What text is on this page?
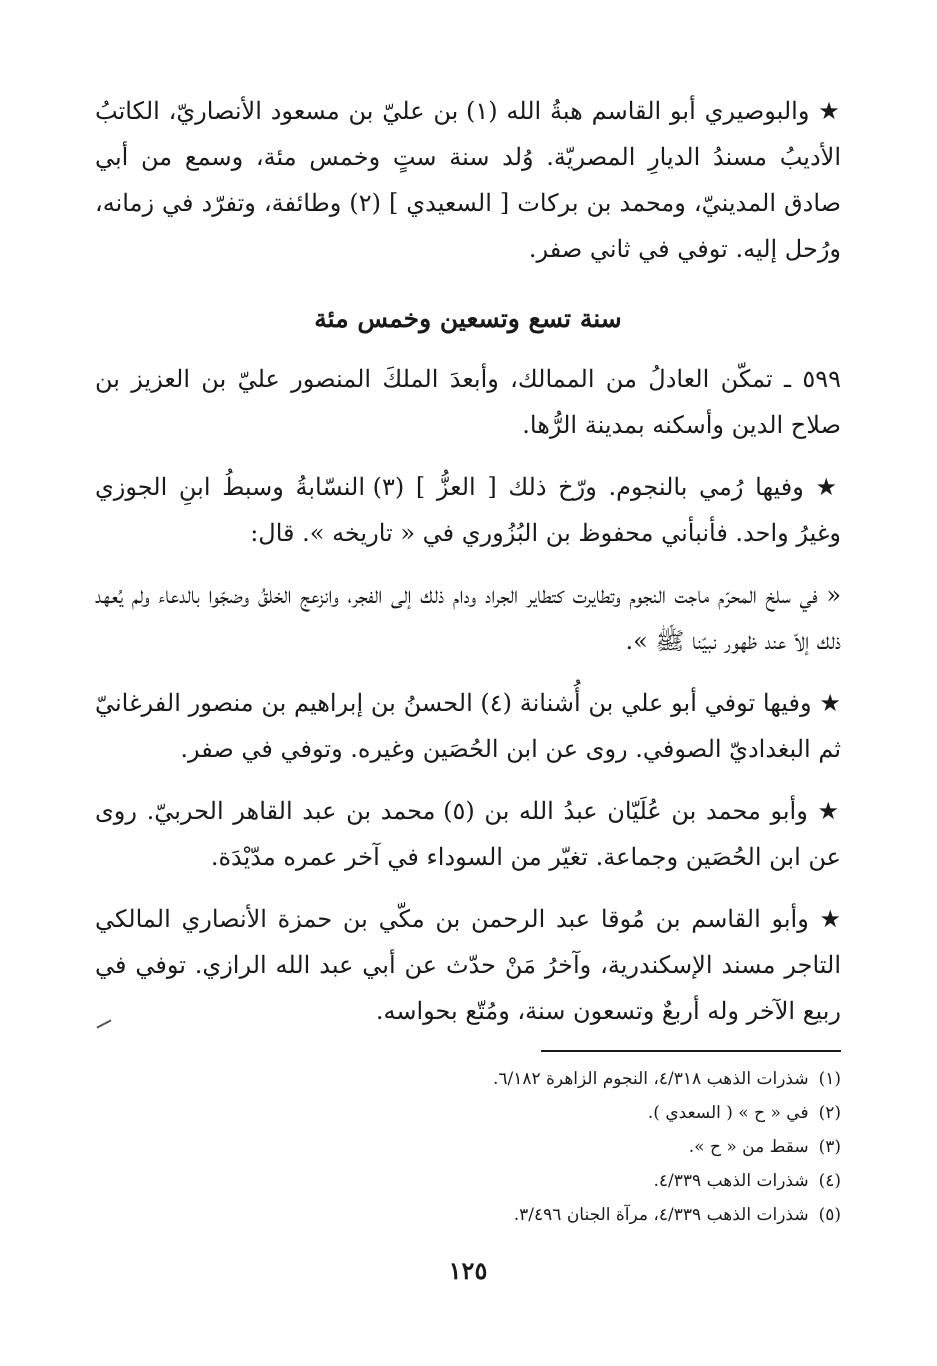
★ والبوصيري أبو القاسم هبةُ الله (١) بن عليّ بن مسعود الأنصاريّ، الكاتبُ الأديبُ مسندُ الديارِ المصريّة. وُلد سنة ستٍ وخمس مئة، وسمع من أبي صادق المدينيّ، ومحمد بن بركات [ السعيدي ] (٢) وطائفة، وتفرّد في زمانه، ورُحل إليه. توفي في ثاني صفر.

سنة تسع وتسعين وخمس مئة

٥٩٩ ـ تمكّن العادلُ من الممالك، وأبعدَ الملكَ المنصور عليّ بن العزيز بن صلاح الدين وأسكنه بمدينة الرُّها.

★ وفيها رُمي بالنجوم. ورّخ ذلك [ العزُّ ] (٣) النسّابةُ وسبطُ ابنِ الجوزي وغيرُ واحد. فأنبأني محفوظ بن البُزُوري في « تاريخه ». قال:

« في سلخ المحرّم ماجت النجوم وتطايرت كتطاير الجراد ودام ذلك إلى الفجر، وانزعج الخلقُ وضجّوا بالدعاء ولم يُعهد ذلك إلاّ عند ظهور نبيّنا ﷺ ».

★ وفيها توفي أبو علي بن أُشنانة (٤) الحسنُ بن إبراهيم بن منصور الفرغانيّ ثم البغداديّ الصوفي. روى عن ابن الحُصَين وغيره. وتوفي في صفر.

★ وأبو محمد بن عُلَيّان عبدُ الله بن (٥) محمد بن عبد القاهر الحربيّ. روى عن ابن الحُصَين وجماعة. تغيّر من السوداء في آخر عمره مدّيْدَة.

★ وأبو القاسم بن مُوقا عبد الرحمن بن مكّي بن حمزة الأنصاري المالكي التاجر مسند الإسكندرية، وآخرُ مَنْ حدّث عن أبي عبد الله الرازي. توفي في ربيع الآخر وله أربعٌ وتسعون سنة، ومُتّع بحواسه.

(١)
شذرات الذهب ٤/٣١٨، النجوم الزاهرة ٦/١٨٢.
(٢)
في « ح » ( السعدي ).
(٣)
سقط من « ح ».
(٤)
شذرات الذهب ٤/٣٣٩.
(٥)
شذرات الذهب ٤/٣٣٩، مرآة الجنان ٣/٤٩٦.
١٢٥
